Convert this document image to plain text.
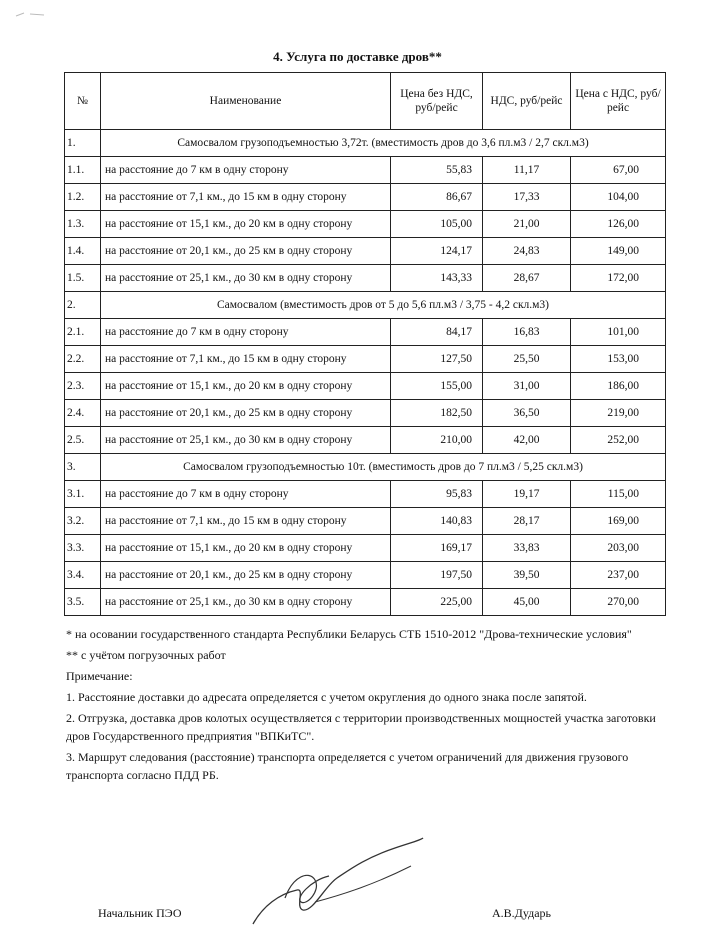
4. Услуга по доставке дров**
№	Наименование	Цена без НДС, руб/рейс	НДС, руб/рейс	Цена с НДС, руб/рейс
1.	Самосвалом грузоподъемностью 3,72т. (вместимость дров до 3,6 пл.м3 / 2,7 скл.м3)			
1.1.	на расстояние до 7 км в одну сторону	55,83	11,17	67,00
1.2.	на расстояние от 7,1 км., до 15 км в одну сторону	86,67	17,33	104,00
1.3.	на расстояние от 15,1 км., до 20 км в одну сторону	105,00	21,00	126,00
1.4.	на расстояние от 20,1 км., до 25 км в одну сторону	124,17	24,83	149,00
1.5.	на расстояние от 25,1 км., до 30 км в одну сторону	143,33	28,67	172,00
2.	Самосвалом (вместимость дров от 5 до 5,6 пл.м3 / 3,75 - 4,2 скл.м3)			
2.1.	на расстояние до 7 км в одну сторону	84,17	16,83	101,00
2.2.	на расстояние от 7,1 км., до 15 км в одну сторону	127,50	25,50	153,00
2.3.	на расстояние от 15,1 км., до 20 км в одну сторону	155,00	31,00	186,00
2.4.	на расстояние от 20,1 км., до 25 км в одну сторону	182,50	36,50	219,00
2.5.	на расстояние от 25,1 км., до 30 км в одну сторону	210,00	42,00	252,00
3.	Самосвалом грузоподъемностью 10т. (вместимость дров до 7 пл.м3 / 5,25 скл.м3)			
3.1.	на расстояние до 7 км в одну сторону	95,83	19,17	115,00
3.2.	на расстояние от 7,1 км., до 15 км в одну сторону	140,83	28,17	169,00
3.3.	на расстояние от 15,1 км., до 20 км в одну сторону	169,17	33,83	203,00
3.4.	на расстояние от 20,1 км., до 25 км в одну сторону	197,50	39,50	237,00
3.5.	на расстояние от 25,1 км., до 30 км в одну сторону	225,00	45,00	270,00

* на осовании государственного стандарта Республики Беларусь СТБ 1510-2012 "Дрова-технические условия"

** с учётом погрузочных работ

Примечание:

1. Расстояние доставки до адресата определяется с учетом округления до одного знака после запятой.

2. Отгрузка, доставка дров колотых осуществляется с территории производственных мощностей участка заготовки дров Государственного предприятия "ВПКиТС".

3. Маршрут следования (расстояние) транспорта определяется с учетом ограничений для движения грузового транспорта согласно ПДД РБ.

Начальник ПЭО	А.В.Дударь
